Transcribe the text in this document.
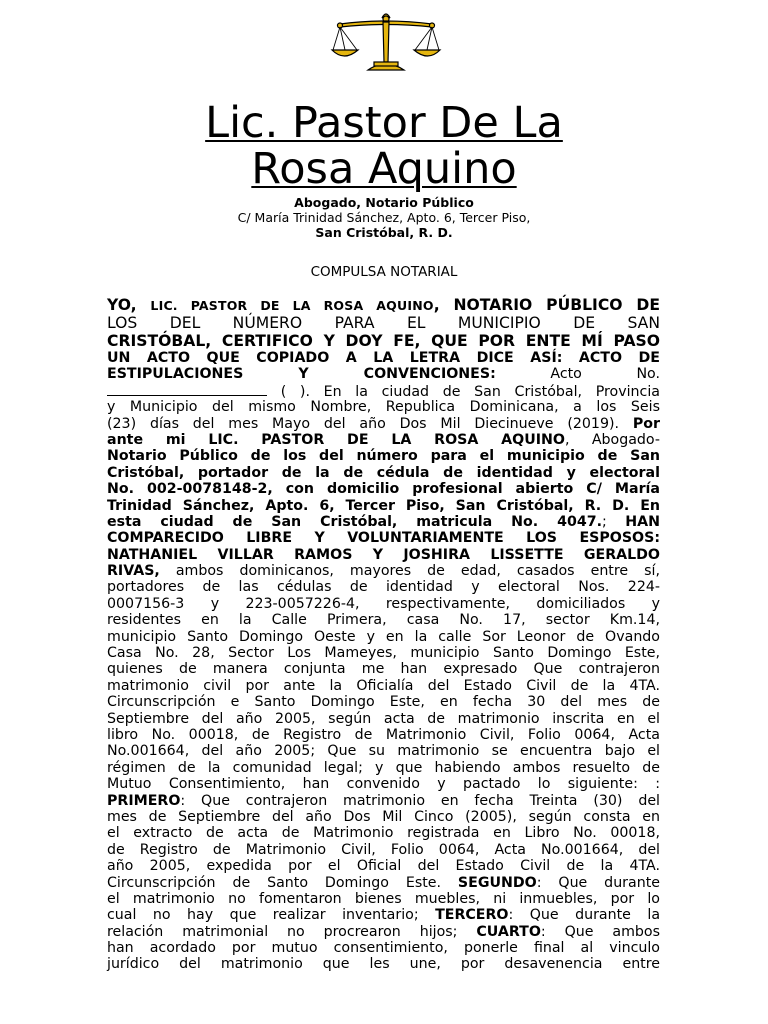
Lic. Pastor De La
Rosa Aquino
Abogado, Notario Público
C/ María Trinidad Sánchez, Apto. 6, Tercer Piso,
San Cristóbal, R. D.
COMPULSA NOTARIAL
YO, LIC. PASTOR DE LA ROSA AQUINO, NOTARIO PÚBLICO DE
LOS DEL NÚMERO PARA EL MUNICIPIO DE SAN
CRISTÓBAL, CERTIFICO Y DOY FE, QUE POR ENTE MÍ PASO
UN ACTO QUE COPIADO A LA LETRA DICE ASÍ: ACTO DE
ESTIPULACIONES Y CONVENCIONES: Acto No.
( ). En la ciudad de San Cristóbal, Provincia
y Municipio del mismo Nombre, Republica Dominicana, a los Seis
(23) días del mes Mayo del año Dos Mil Diecinueve (2019). Por
ante mi LIC. PASTOR DE LA ROSA AQUINO, Abogado-
Notario Público de los del número para el municipio de San
Cristóbal, portador de la de cédula de identidad y electoral
No. 002-0078148-2, con domicilio profesional abierto C/ María
Trinidad Sánchez, Apto. 6, Tercer Piso, San Cristóbal, R. D. En
esta ciudad de San Cristóbal, matricula No. 4047.; HAN
COMPARECIDO LIBRE Y VOLUNTARIAMENTE LOS ESPOSOS:
NATHANIEL VILLAR RAMOS Y JOSHIRA LISSETTE GERALDO
RIVAS, ambos dominicanos, mayores de edad, casados entre sí,
portadores de las cédulas de identidad y electoral Nos. 224-
0007156-3 y 223-0057226-4, respectivamente, domiciliados y
residentes en la Calle Primera, casa No. 17, sector Km.14,
municipio Santo Domingo Oeste y en la calle Sor Leonor de Ovando
Casa No. 28, Sector Los Mameyes, municipio Santo Domingo Este,
quienes de manera conjunta me han expresado Que contrajeron
matrimonio civil por ante la Oficialía del Estado Civil de la 4TA.
Circunscripción e Santo Domingo Este, en fecha 30 del mes de
Septiembre del año 2005, según acta de matrimonio inscrita en el
libro No. 00018, de Registro de Matrimonio Civil, Folio 0064, Acta
No.001664, del año 2005; Que su matrimonio se encuentra bajo el
régimen de la comunidad legal; y que habiendo ambos resuelto de
Mutuo Consentimiento, han convenido y pactado lo siguiente: :
PRIMERO: Que contrajeron matrimonio en fecha Treinta (30) del
mes de Septiembre del año Dos Mil Cinco (2005), según consta en
el extracto de acta de Matrimonio registrada en Libro No. 00018,
de Registro de Matrimonio Civil, Folio 0064, Acta No.001664, del
año 2005, expedida por el Oficial del Estado Civil de la 4TA.
Circunscripción de Santo Domingo Este. SEGUNDO: Que durante
el matrimonio no fomentaron bienes muebles, ni inmuebles, por lo
cual no hay que realizar inventario; TERCERO: Que durante la
relación matrimonial no procrearon hijos; CUARTO: Que ambos
han acordado por mutuo consentimiento, ponerle final al vinculo
jurídico del matrimonio que les une, por desavenencia entre
